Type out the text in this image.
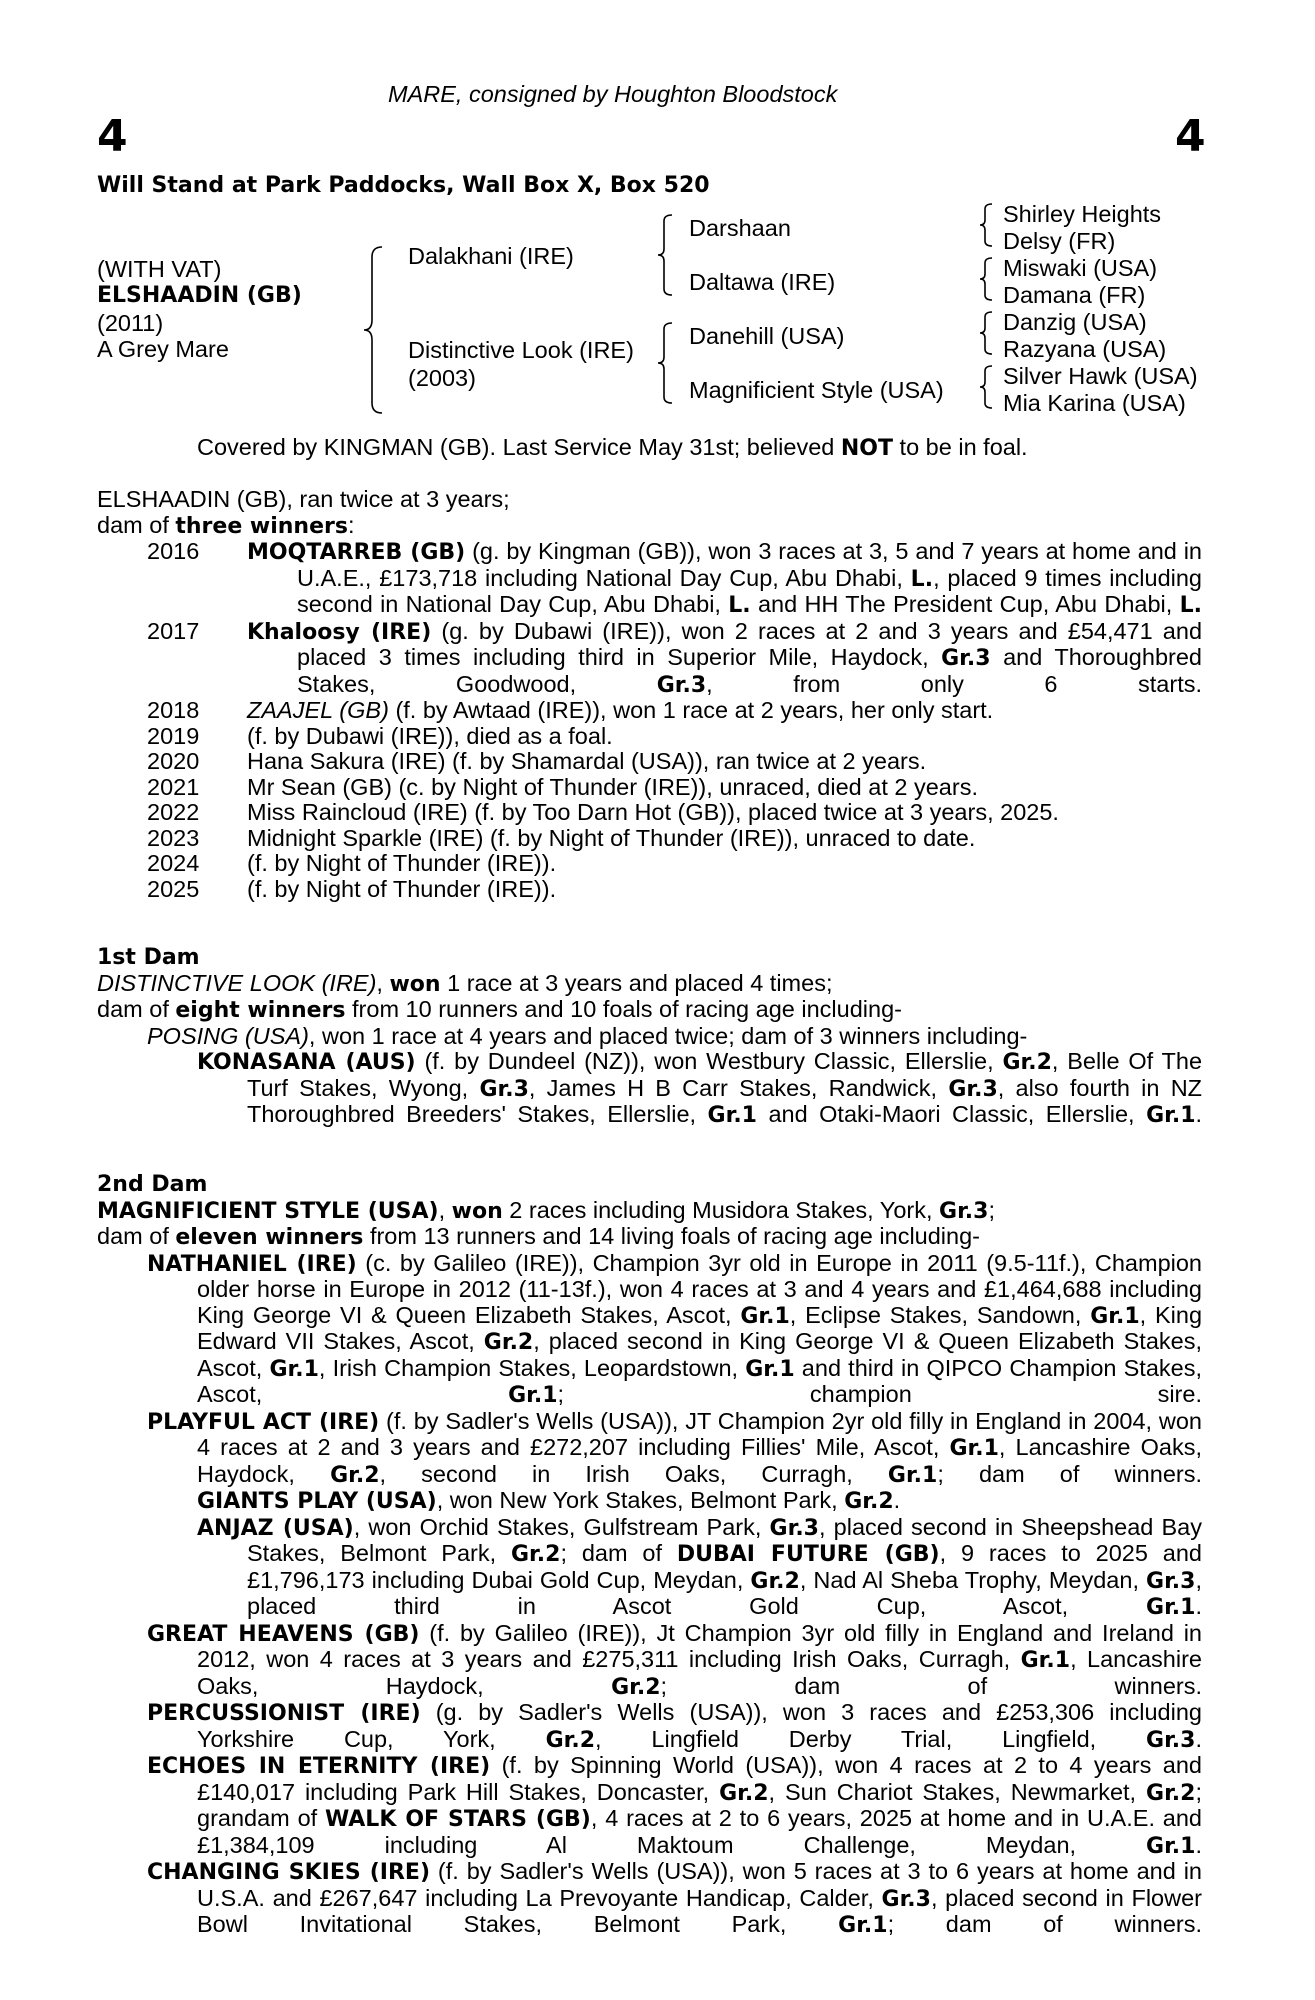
MARE, consigned by Houghton Bloodstock
4	4
Will Stand at Park Paddocks, Wall Box X, Box 520
(WITH VAT)
ELSHAADIN (GB)
(2011)
A Grey Mare
Dalakhani (IRE)
Distinctive Look (IRE)
(2003)
Darshaan
Daltawa (IRE)
Danehill (USA)
Magnificient Style (USA)
Shirley Heights
Delsy (FR)
Miswaki (USA)
Damana (FR)
Danzig (USA)
Razyana (USA)
Silver Hawk (USA)
Mia Karina (USA)
Covered by KINGMAN (GB). Last Service May 31st; believed NOT to be in foal.

ELSHAADIN (GB), ran twice at 3 years;

dam of three winners:

2016	MOQTARREB (GB) (g. by Kingman (GB)), won 3 races at 3, 5 and 7 years at home and in U.A.E., £173,718 including National Day Cup, Abu Dhabi, L., placed 9 times including second in National Day Cup, Abu Dhabi, L. and HH The President Cup, Abu Dhabi, L.

2017	Khaloosy (IRE) (g. by Dubawi (IRE)), won 2 races at 2 and 3 years and £54,471 and placed 3 times including third in Superior Mile, Haydock, Gr.3 and Thoroughbred Stakes, Goodwood,	Gr.3, from only 6 starts.

2018	ZAAJEL (GB) (f. by Awtaad (IRE)), won 1 race at 2 years, her only start.
2019	(f. by Dubawi (IRE)), died as a foal.
2020	Hana Sakura (IRE) (f. by Shamardal (USA)), ran twice at 2 years.
2021	Mr Sean (GB) (c. by Night of Thunder (IRE)), unraced, died at 2 years.
2022	Miss Raincloud (IRE) (f. by Too Darn Hot (GB)), placed twice at 3 years, 2025.
2023	Midnight Sparkle (IRE) (f. by Night of Thunder (IRE)), unraced to date.
2024	(f. by Night of Thunder (IRE)).
2025	(f. by Night of Thunder (IRE)).

1st Dam

DISTINCTIVE LOOK (IRE), won 1 race at 3 years and placed 4 times;

dam of eight winners from 10 runners and 10 foals of racing age including-

POSING (USA), won 1 race at 4 years and placed twice; dam of 3 winners including-

KONASANA (AUS) (f. by Dundeel (NZ)), won Westbury Classic, Ellerslie, Gr.2, Belle Of The Turf Stakes, Wyong, Gr.3, James H B Carr Stakes, Randwick, Gr.3, also fourth in NZ Thoroughbred Breeders' Stakes, Ellerslie, Gr.1 and Otaki-Maori Classic, Ellerslie, Gr.1.

2nd Dam

MAGNIFICIENT STYLE (USA), won 2 races including Musidora Stakes, York, Gr.3;

dam of eleven winners from 13 runners and 14 living foals of racing age including-

NATHANIEL (IRE) (c. by Galileo (IRE)), Champion 3yr old in Europe in 2011 (9.5-11f.), Champion older horse in Europe in 2012 (11-13f.), won 4 races at 3 and 4 years and £1,464,688 including King George VI & Queen Elizabeth Stakes, Ascot, Gr.1, Eclipse Stakes, Sandown, Gr.1, King Edward VII Stakes, Ascot, Gr.2, placed second in King George VI & Queen Elizabeth Stakes, Ascot, Gr.1, Irish Champion Stakes, Leopardstown, Gr.1 and third in QIPCO Champion Stakes, Ascot, Gr.1; champion sire.

PLAYFUL ACT (IRE) (f. by Sadler's Wells (USA)), JT Champion 2yr old filly in England in 2004, won 4 races at 2 and 3 years and £272,207 including Fillies' Mile, Ascot, Gr.1, Lancashire Oaks, Haydock, Gr.2, second in Irish Oaks, Curragh, Gr.1; dam of winners.

GIANTS PLAY (USA), won New York Stakes, Belmont Park, Gr.2.

ANJAZ (USA), won Orchid Stakes, Gulfstream Park, Gr.3, placed second in Sheepshead Bay Stakes, Belmont Park, Gr.2; dam of DUBAI FUTURE (GB), 9 races to 2025 and £1,796,173 including Dubai Gold Cup, Meydan, Gr.2, Nad Al Sheba Trophy, Meydan, Gr.3, placed third in Ascot Gold Cup, Ascot, Gr.1.

GREAT HEAVENS (GB) (f. by Galileo (IRE)), Jt Champion 3yr old filly in England and Ireland in 2012, won 4 races at 3 years and £275,311 including Irish Oaks, Curragh, Gr.1, Lancashire Oaks, Haydock, Gr.2; dam of winners.

PERCUSSIONIST (IRE) (g. by Sadler's Wells (USA)), won 3 races and £253,306 including Yorkshire Cup, York, Gr.2, Lingfield Derby Trial, Lingfield, Gr.3.

ECHOES IN ETERNITY (IRE) (f. by Spinning World (USA)), won 4 races at 2 to 4 years and £140,017 including Park Hill Stakes, Doncaster, Gr.2, Sun Chariot Stakes, Newmarket, Gr.2; grandam of WALK OF STARS (GB), 4 races at 2 to 6 years, 2025 at home and in U.A.E. and £1,384,109 including Al Maktoum Challenge, Meydan, Gr.1.

CHANGING SKIES (IRE) (f. by Sadler's Wells (USA)), won 5 races at 3 to 6 years at home and in U.S.A. and £267,647 including La Prevoyante Handicap, Calder, Gr.3, placed second in Flower Bowl Invitational Stakes, Belmont Park, Gr.1; dam of winners.
